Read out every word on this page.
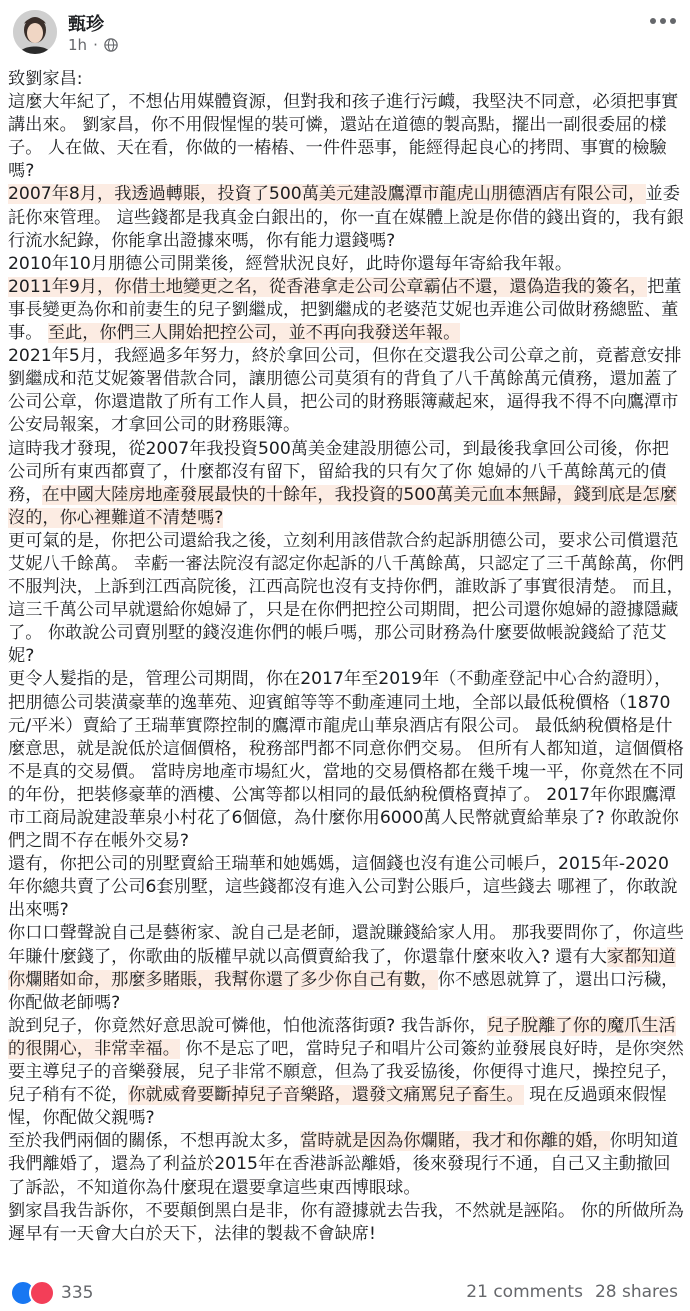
甄珍
1h ·

致劉家昌:

這麼大年紀了，不想佔用媒體資源，但對我和孩子進行污衊，我堅決不同意，必須把事實講出來。 劉家昌，你不用假惺惺的裝可憐，還站在道德的製高點，擺出一副很委屈的樣子。 人在做、天在看，你做的一樁樁、一件件惡事，能經得起良心的拷問、事實的檢驗嗎?

2007年8月，我透過轉賬，投資了500萬美元建設鷹潭市龍虎山朋德酒店有限公司，並委託你來管理。 這些錢都是我真金白銀出的，你一直在媒體上說是你借的錢出資的，我有銀行流水紀錄，你能拿出證據來嗎，你有能力還錢嗎?

2010年10月朋德公司開業後，經營狀況良好，此時你還每年寄給我年報。

2011年9月，你借土地變更之名，從香港拿走公司公章霸佔不還，還偽造我的簽名，把董事長變更為你和前妻生的兒子劉繼成，把劉繼成的老婆范艾妮也弄進公司做財務總監、董事。 至此，你們三人開始把控公司，並不再向我發送年報。

2021年5月，我經過多年努力，終於拿回公司，但你在交還我公司公章之前，竟蓄意安排劉繼成和范艾妮簽署借款合同，讓朋德公司莫須有的背負了八千萬餘萬元債務，還加蓋了公司公章，你還遣散了所有工作人員，把公司的財務賬簿藏起來，逼得我不得不向鷹潭市公安局報案，才拿回公司的財務賬簿。

這時我才發現，從2007年我投資500萬美金建設朋德公司，到最後我拿回公司後，你把公司所有東西都賣了，什麼都沒有留下，留給我的只有欠了你 媳婦的八千萬餘萬元的債務，在中國大陸房地產發展最快的十餘年，我投資的500萬美元血本無歸，錢到底是怎麼沒的，你心裡難道不清楚嗎?

更可氣的是，你把公司還給我之後，立刻利用該借款合約起訴朋德公司，要求公司償還范艾妮八千餘萬。 幸虧一審法院沒有認定你起訴的八千萬餘萬，只認定了三千萬餘萬，你們不服判決，上訴到江西高院後，江西高院也沒有支持你們，誰敗訴了事實很清楚。 而且，這三千萬公司早就還給你媳婦了，只是在你們把控公司期間，把公司還你媳婦的證據隱藏了。 你敢說公司賣別墅的錢沒進你們的帳戶嗎，那公司財務為什麼要做帳說錢給了范艾妮?

更令人髮指的是，管理公司期間，你在2017年至2019年（不動產登記中心合約證明），把朋德公司裝潢豪華的逸華苑、迎賓館等等不動產連同土地，全部以最低稅價格（1870元/平米）賣給了王瑞華實際控制的鷹潭市龍虎山華泉酒店有限公司。 最低納稅價格是什麼意思，就是說低於這個價格，稅務部門都不同意你們交易。 但所有人都知道，這個價格不是真的交易價。 當時房地產市場紅火，當地的交易價格都在幾千塊一平，你竟然在不同的年份，把裝修豪華的酒樓、公寓等都以相同的最低納稅價格賣掉了。 2017年你跟鷹潭市工商局說建設華泉小村花了6個億，為什麼你用6000萬人民幣就賣給華泉了? 你敢說你們之間不存在帳外交易?

還有，你把公司的別墅賣給王瑞華和她媽媽，這個錢也沒有進公司帳戶，2015年-2020年你總共賣了公司6套別墅，這些錢都沒有進入公司對公賬戶，這些錢去 哪裡了，你敢說出來嗎?

你口口聲聲說自己是藝術家、說自己是老師，還說賺錢給家人用。 那我要問你了，你這些年賺什麼錢了，你歌曲的版權早就以高價賣給我了，你還靠什麼來收入? 還有大家都知道你爛賭如命，那麼多賭賬，我幫你還了多少你自己有數，你不感恩就算了，還出口污穢，你配做老師嗎?

說到兒子，你竟然好意思說可憐他，怕他流落街頭? 我告訴你，兒子脫離了你的魔爪生活的很開心，非常幸福。 你不是忘了吧，當時兒子和唱片公司簽約並發展良好時，是你突然要主導兒子的音樂發展，兒子非常不願意，但為了我妥協後，你便得寸進尺，操控兒子，兒子稍有不從，你就威脅要斷掉兒子音樂路，還發文痛罵兒子畜生。 現在反過頭來假惺惺，你配做父親嗎?

至於我們兩個的關係，不想再說太多，當時就是因為你爛賭，我才和你離的婚，你明知道我們離婚了，還為了利益於2015年在香港訴訟離婚，後來發現行不通，自己又主動撤回了訴訟，不知道你為什麼現在還要拿這些東西博眼球。

劉家昌我告訴你，不要顛倒黑白是非，你有證據就去告我，不然就是誣陷。 你的所做所為遲早有一天會大白於天下，法律的製裁不會缺席!

335	21 comments 28 shares
